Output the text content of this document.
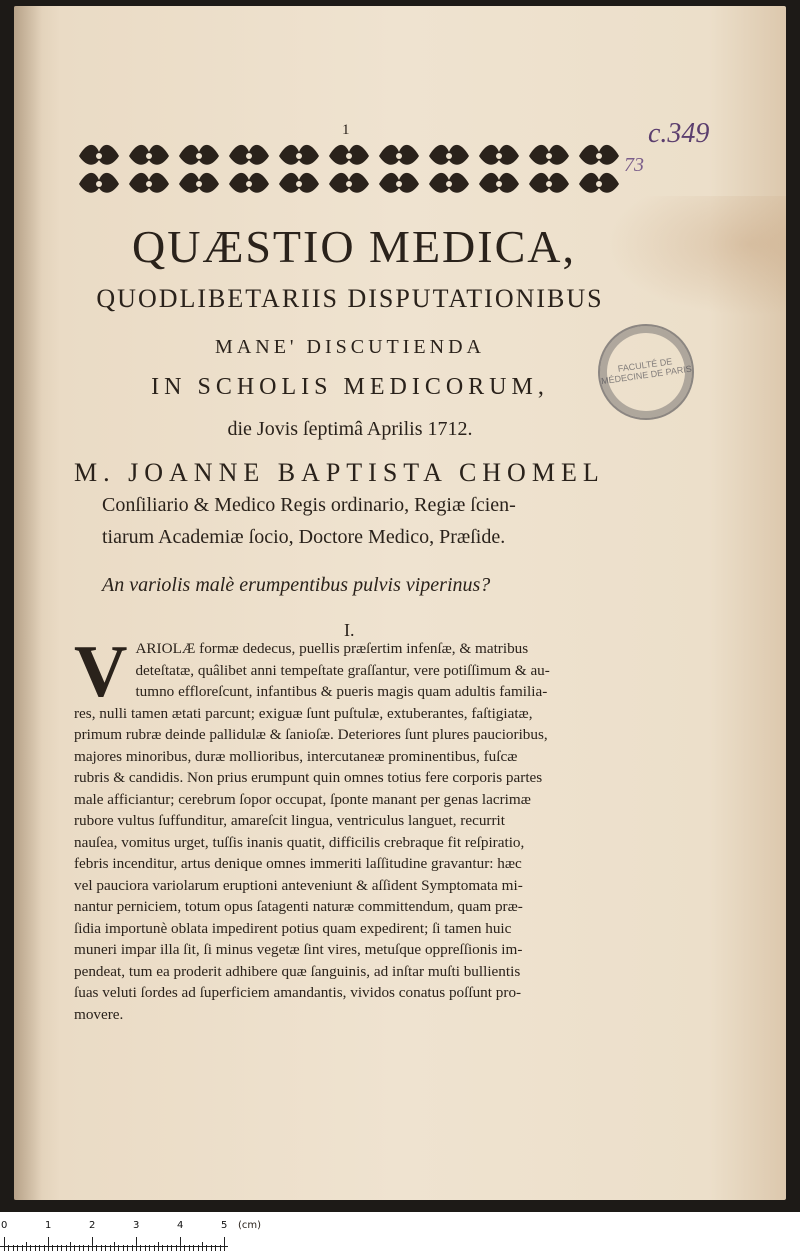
1	c.349
73
QUÆSTIO MEDICA,
QUODLIBETARIIS DISPUTATIONIBUS
MANE' DISCUTIENDA
IN SCHOLIS MEDICORUM,
die Jovis ſeptimâ Aprilis 1712.
M. JOANNE BAPTISTA CHOMEL
Conſiliario & Medico Regis ordinario, Regiæ ſcien-
tiarum Academiæ ſocio, Doctore Medico, Præſide.
FACULTÉ DE MÉDECINE DE PARIS
An variolis malè erumpentibus pulvis viperinus?
I.
V ARIOLÆ formæ dedecus, puellis præſertim infenſæ, & matribus
deteſtatæ, quâlibet anni tempeſtate graſſantur, vere potiſſimum & au-
tumno effloreſcunt, infantibus & pueris magis quam adultis familia-
res, nulli tamen ætati parcunt; exiguæ ſunt puſtulæ, extuberantes, faſtigiatæ,
primum rubræ deinde pallidulæ & ſanioſæ. Deteriores ſunt plures paucioribus,
majores minoribus, duræ mollioribus, intercutaneæ prominentibus, fuſcæ
rubris & candidis. Non prius erumpunt quin omnes totius fere corporis partes
male afficiantur; cerebrum ſopor occupat, ſponte manant per genas lacrimæ
rubore vultus ſuffunditur, amareſcit lingua, ventriculus languet, recurrit
nauſea, vomitus urget, tuſſis inanis quatit, difficilis crebraque fit reſpiratio,
febris incenditur, artus denique omnes immeriti laſſitudine gravantur: hæc
vel pauciora variolarum eruptioni anteveniunt & aſſident Symptomata mi-
nantur perniciem, totum opus ſatagenti naturæ committendum, quam præ-
ſidia importunè oblata impedirent potius quam expedirent; ſi tamen huic
muneri impar illa ſit, ſi minus vegetæ ſint vires, metuſque oppreſſionis im-
pendeat, tum ea proderit adhibere quæ ſanguinis, ad inſtar muſti bullientis
ſuas veluti ſordes ad ſuperficiem amandantis, vividos conatus poſſunt pro-
movere.
0	1	2	3	4	5 (cm)
